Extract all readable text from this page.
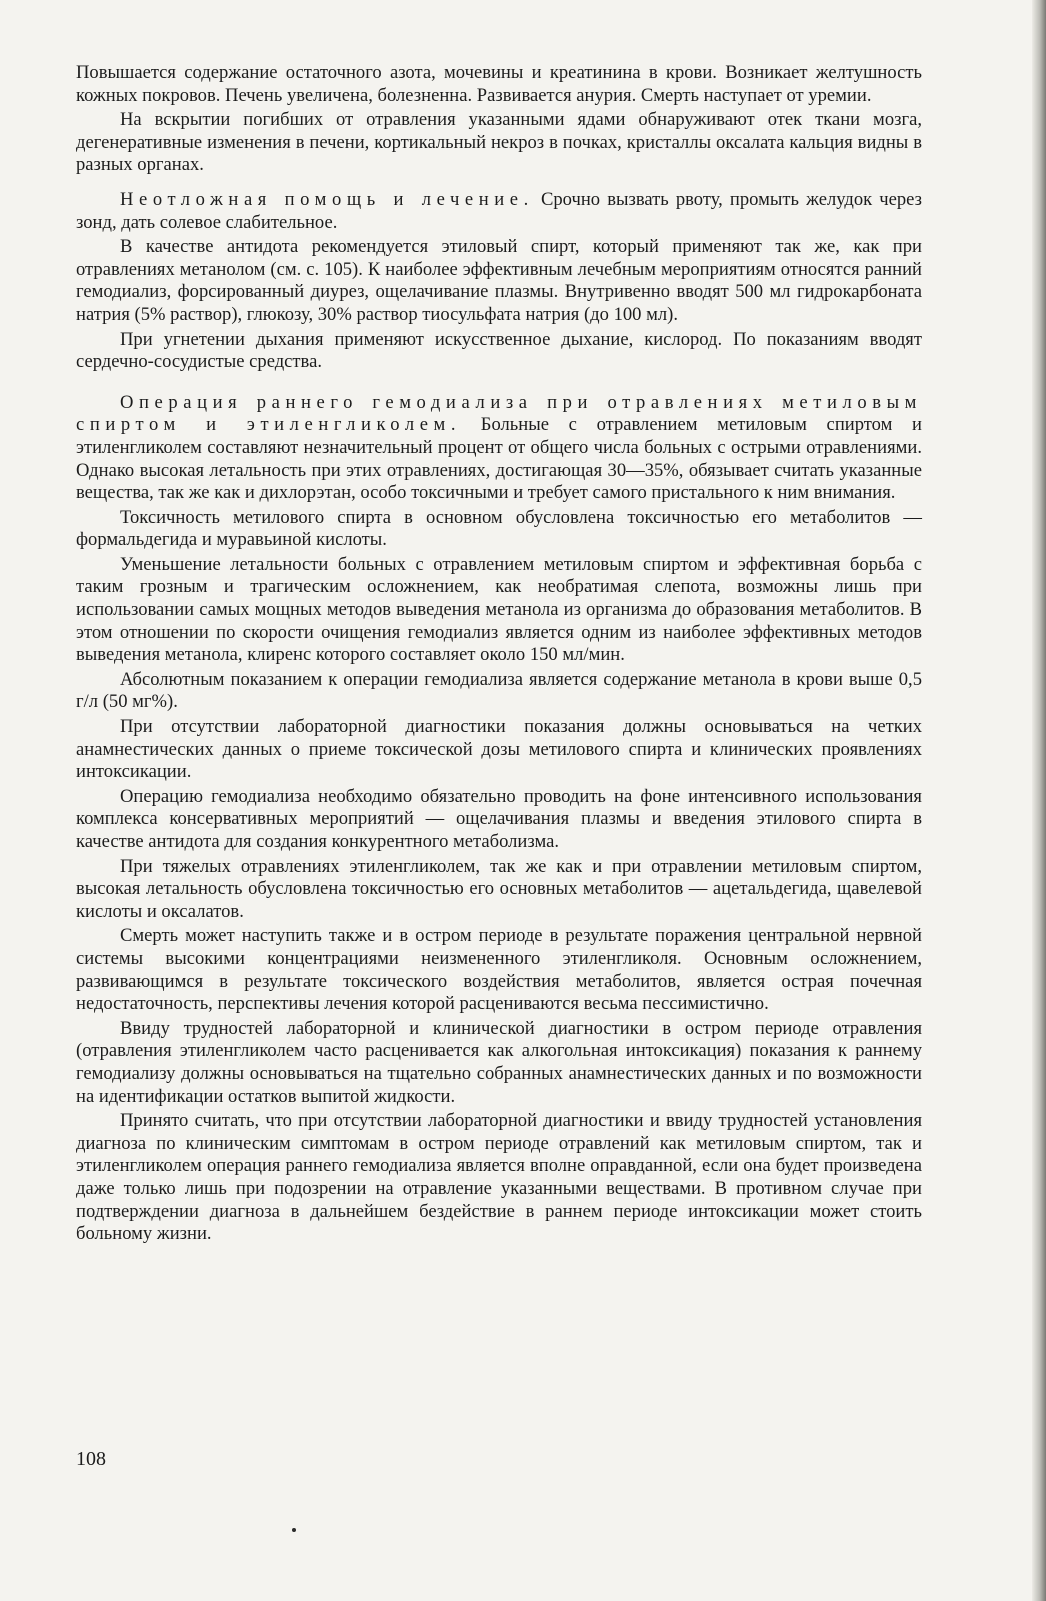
Повышается содержание остаточного азота, мочевины и креатинина в крови. Возникает желтушность кожных покровов. Печень увеличена, болезненна. Развивается анурия. Смерть наступает от уремии.

На вскрытии погибших от отравления указанными ядами обнаруживают отек ткани мозга, дегенеративные изменения в печени, кортикальный некроз в почках, кристаллы оксалата кальция видны в разных органах.

Неотложная помощь и лечение. Срочно вызвать рвоту, промыть желудок через зонд, дать солевое слабительное.

В качестве антидота рекомендуется этиловый спирт, который применяют так же, как при отравлениях метанолом (см. с. 105). К наиболее эффективным лечебным мероприятиям относятся ранний гемодиализ, форсированный диурез, ощелачивание плазмы. Внутривенно вводят 500 мл гидрокарбоната натрия (5% раствор), глюкозу, 30% раствор тиосульфата натрия (до 100 мл).

При угнетении дыхания применяют искусственное дыхание, кислород. По показаниям вводят сердечно-сосудистые средства.

Операция раннего гемодиализа при отравлениях метиловым спиртом и этиленгликолем. Больные с отравлением метиловым спиртом и этиленгликолем составляют незначительный процент от общего числа больных с острыми отравлениями. Однако высокая летальность при этих отравлениях, достигающая 30—35%, обязывает считать указанные вещества, так же как и дихлорэтан, особо токсичными и требует самого пристального к ним внимания.

Токсичность метилового спирта в основном обусловлена токсичностью его метаболитов — формальдегида и муравьиной кислоты.

Уменьшение летальности больных с отравлением метиловым спиртом и эффективная борьба с таким грозным и трагическим осложнением, как необратимая слепота, возможны лишь при использовании самых мощных методов выведения метанола из организма до образования метаболитов. В этом отношении по скорости очищения гемодиализ является одним из наиболее эффективных методов выведения метанола, клиренс которого составляет около 150 мл/мин.

Абсолютным показанием к операции гемодиализа является содержание метанола в крови выше 0,5 г/л (50 мг%).

При отсутствии лабораторной диагностики показания должны основываться на четких анамнестических данных о приеме токсической дозы метилового спирта и клинических проявлениях интоксикации.

Операцию гемодиализа необходимо обязательно проводить на фоне интенсивного использования комплекса консервативных мероприятий — ощелачивания плазмы и введения этилового спирта в качестве антидота для создания конкурентного метаболизма.

При тяжелых отравлениях этиленгликолем, так же как и при отравлении метиловым спиртом, высокая летальность обусловлена токсичностью его основных метаболитов — ацетальдегида, щавелевой кислоты и оксалатов.

Смерть может наступить также и в остром периоде в результате поражения центральной нервной системы высокими концентрациями неизмененного этиленгликоля. Основным осложнением, развивающимся в результате токсического воздействия метаболитов, является острая почечная недостаточность, перспективы лечения которой расцениваются весьма пессимистично.

Ввиду трудностей лабораторной и клинической диагностики в остром периоде отравления (отравления этиленгликолем часто расценивается как алкогольная интоксикация) показания к раннему гемодиализу должны основываться на тщательно собранных анамнестических данных и по возможности на идентификации остатков выпитой жидкости.

Принято считать, что при отсутствии лабораторной диагностики и ввиду трудностей установления диагноза по клиническим симптомам в остром периоде отравлений как метиловым спиртом, так и этиленгликолем операция раннего гемодиализа является вполне оправданной, если она будет произведена даже только лишь при подозрении на отравление указанными веществами. В противном случае при подтверждении диагноза в дальнейшем бездействие в раннем периоде интоксикации может стоить больному жизни.

108
